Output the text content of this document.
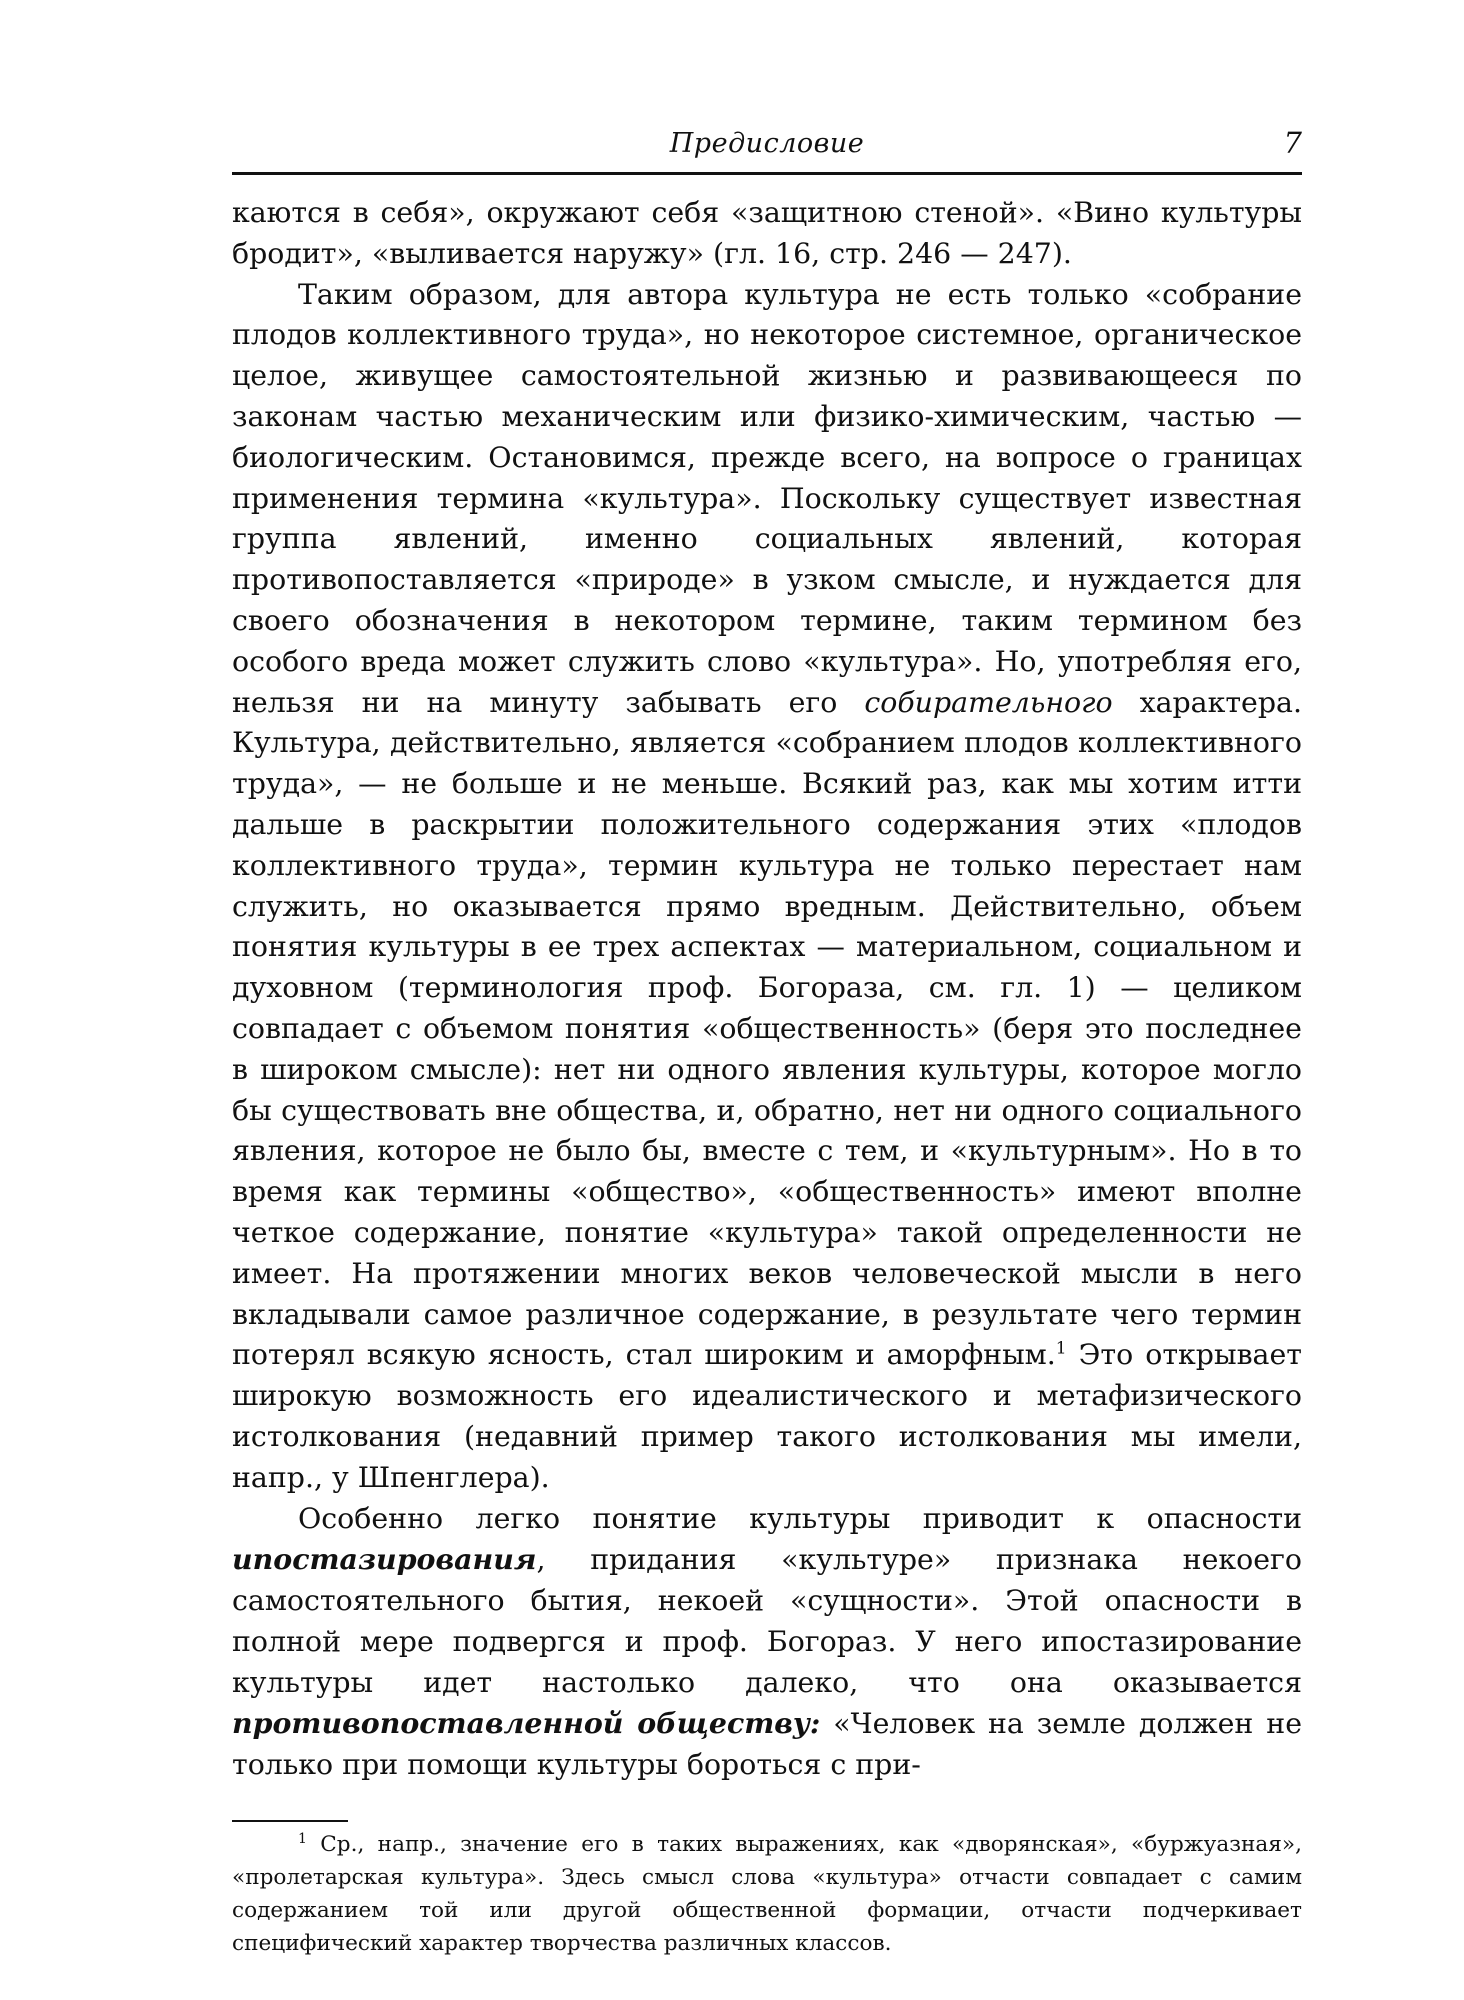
Предисловие	7

каются в себя», окружают себя «защитною стеной». «Вино культуры бродит», «выливается наружу» (гл. 16, стр. 246 — 247).

Таким образом, для автора культура не есть только «собрание плодов коллективного труда», но некоторое системное, органическое целое, живущее самостоятельной жизнью и развивающееся по законам частью механическим или физико-химическим, частью — биологическим. Остановимся, прежде всего, на вопросе о границах применения термина «культура». Поскольку существует известная группа явлений, именно социальных явлений, которая противопоставляется «природе» в узком смысле, и нуждается для своего обозначения в некотором термине, таким термином без особого вреда может служить слово «культура». Но, употребляя его, нельзя ни на минуту забывать его собирательного характера. Культура, действительно, является «собранием плодов коллективного труда», — не больше и не меньше. Всякий раз, как мы хотим итти дальше в раскрытии положительного содержания этих «плодов коллективного труда», термин культура не только перестает нам служить, но оказывается прямо вредным. Действительно, объем понятия культуры в ее трех аспектах — материальном, социальном и духовном (терминология проф. Богораза, см. гл. 1) — целиком совпадает с объемом понятия «общественность» (беря это последнее в широком смысле): нет ни одного явления культуры, которое могло бы существовать вне общества, и, обратно, нет ни одного социального явления, которое не было бы, вместе с тем, и «культурным». Но в то время как термины «общество», «общественность» имеют вполне четкое содержание, понятие «культура» такой определенности не имеет. На протяжении многих веков человеческой мысли в него вкладывали самое различное содержание, в результате чего термин потерял всякую ясность, стал широким и аморфным.$^1$ Это открывает широкую возможность его идеалистического и метафизического истолкования (недавний пример такого истолкования мы имели, напр., у Шпенглера).

Особенно легко понятие культуры приводит к опасности ипостазирования, придания «культуре» признака некоего самостоятельного бытия, некоей «сущности». Этой опасности в полной мере подвергся и проф. Богораз. У него ипостазирование культуры идет настолько далеко, что она оказывается противопоставленной обществу: «Человек на земле должен не только при помощи культуры бороться с при-

$^1$ Ср., напр., значение его в таких выражениях, как «дворянская», «буржуазная», «пролетарская культура». Здесь смысл слова «культура» отчасти совпадает с самим содержанием той или другой общественной формации, отчасти подчеркивает специфический характер творчества различных классов.
